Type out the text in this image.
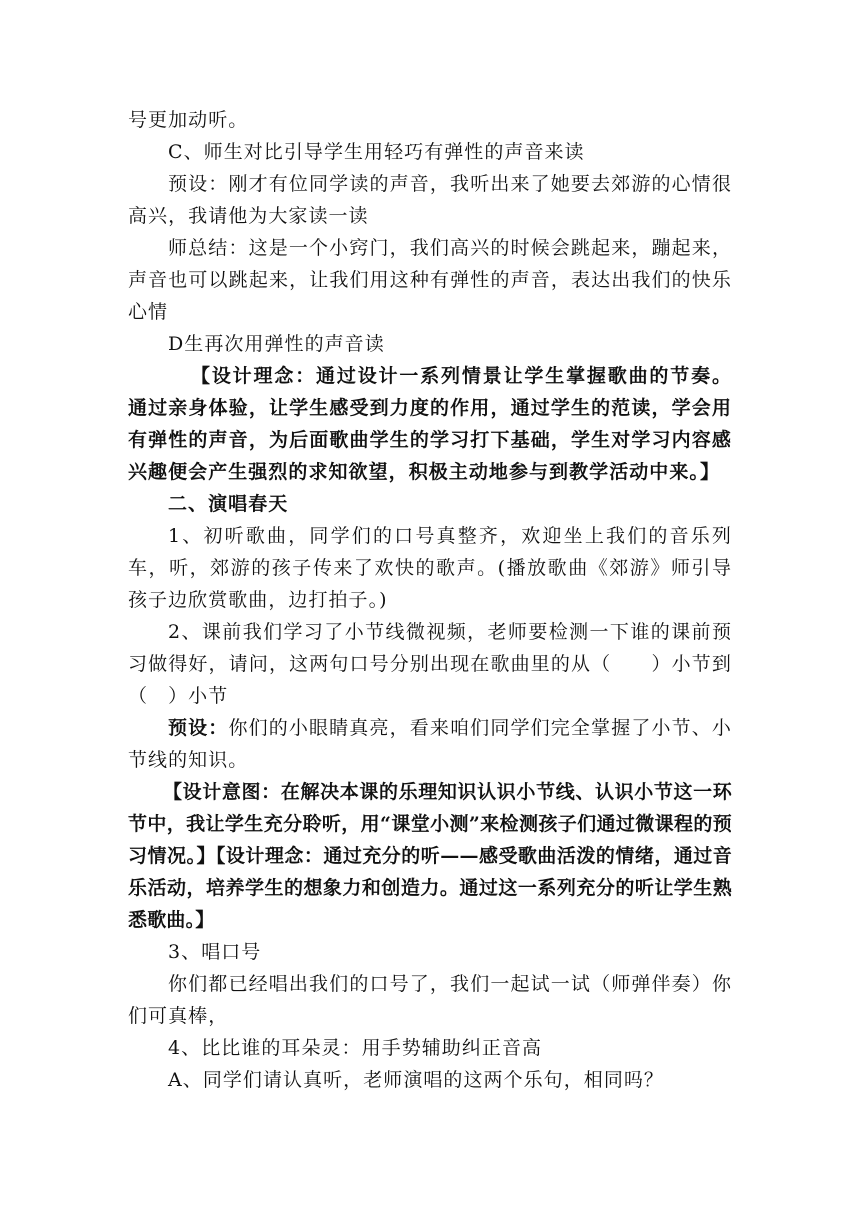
号更加动听。

C、师生对比引导学生用轻巧有弹性的声音来读

预设：刚才有位同学读的声音，我听出来了她要去郊游的心情很高兴，我请他为大家读一读

师总结：这是一个小窍门，我们高兴的时候会跳起来，蹦起来，声音也可以跳起来，让我们用这种有弹性的声音，表达出我们的快乐心情

D生再次用弹性的声音读

【设计理念：通过设计一系列情景让学生掌握歌曲的节奏。通过亲身体验，让学生感受到力度的作用，通过学生的范读，学会用有弹性的声音，为后面歌曲学生的学习打下基础，学生对学习内容感兴趣便会产生强烈的求知欲望，积极主动地参与到教学活动中来。】

二、演唱春天

1、初听歌曲，同学们的口号真整齐，欢迎坐上我们的音乐列车，听，郊游的孩子传来了欢快的歌声。(播放歌曲《郊游》师引导孩子边欣赏歌曲，边打拍子。)

2、课前我们学习了小节线微视频，老师要检测一下谁的课前预习做得好，请问，这两句口号分别出现在歌曲里的从（　　）小节到（　）小节

预设：你们的小眼睛真亮，看来咱们同学们完全掌握了小节、小节线的知识。

【设计意图：在解决本课的乐理知识认识小节线、认识小节这一环节中，我让学生充分聆听，用“课堂小测”来检测孩子们通过微课程的预习情况。】【设计理念：通过充分的听——感受歌曲活泼的情绪，通过音乐活动，培养学生的想象力和创造力。通过这一系列充分的听让学生熟悉歌曲。】

3、唱口号

你们都已经唱出我们的口号了，我们一起试一试（师弹伴奏）你们可真棒，

4、比比谁的耳朵灵：用手势辅助纠正音高

A、同学们请认真听，老师演唱的这两个乐句，相同吗？
